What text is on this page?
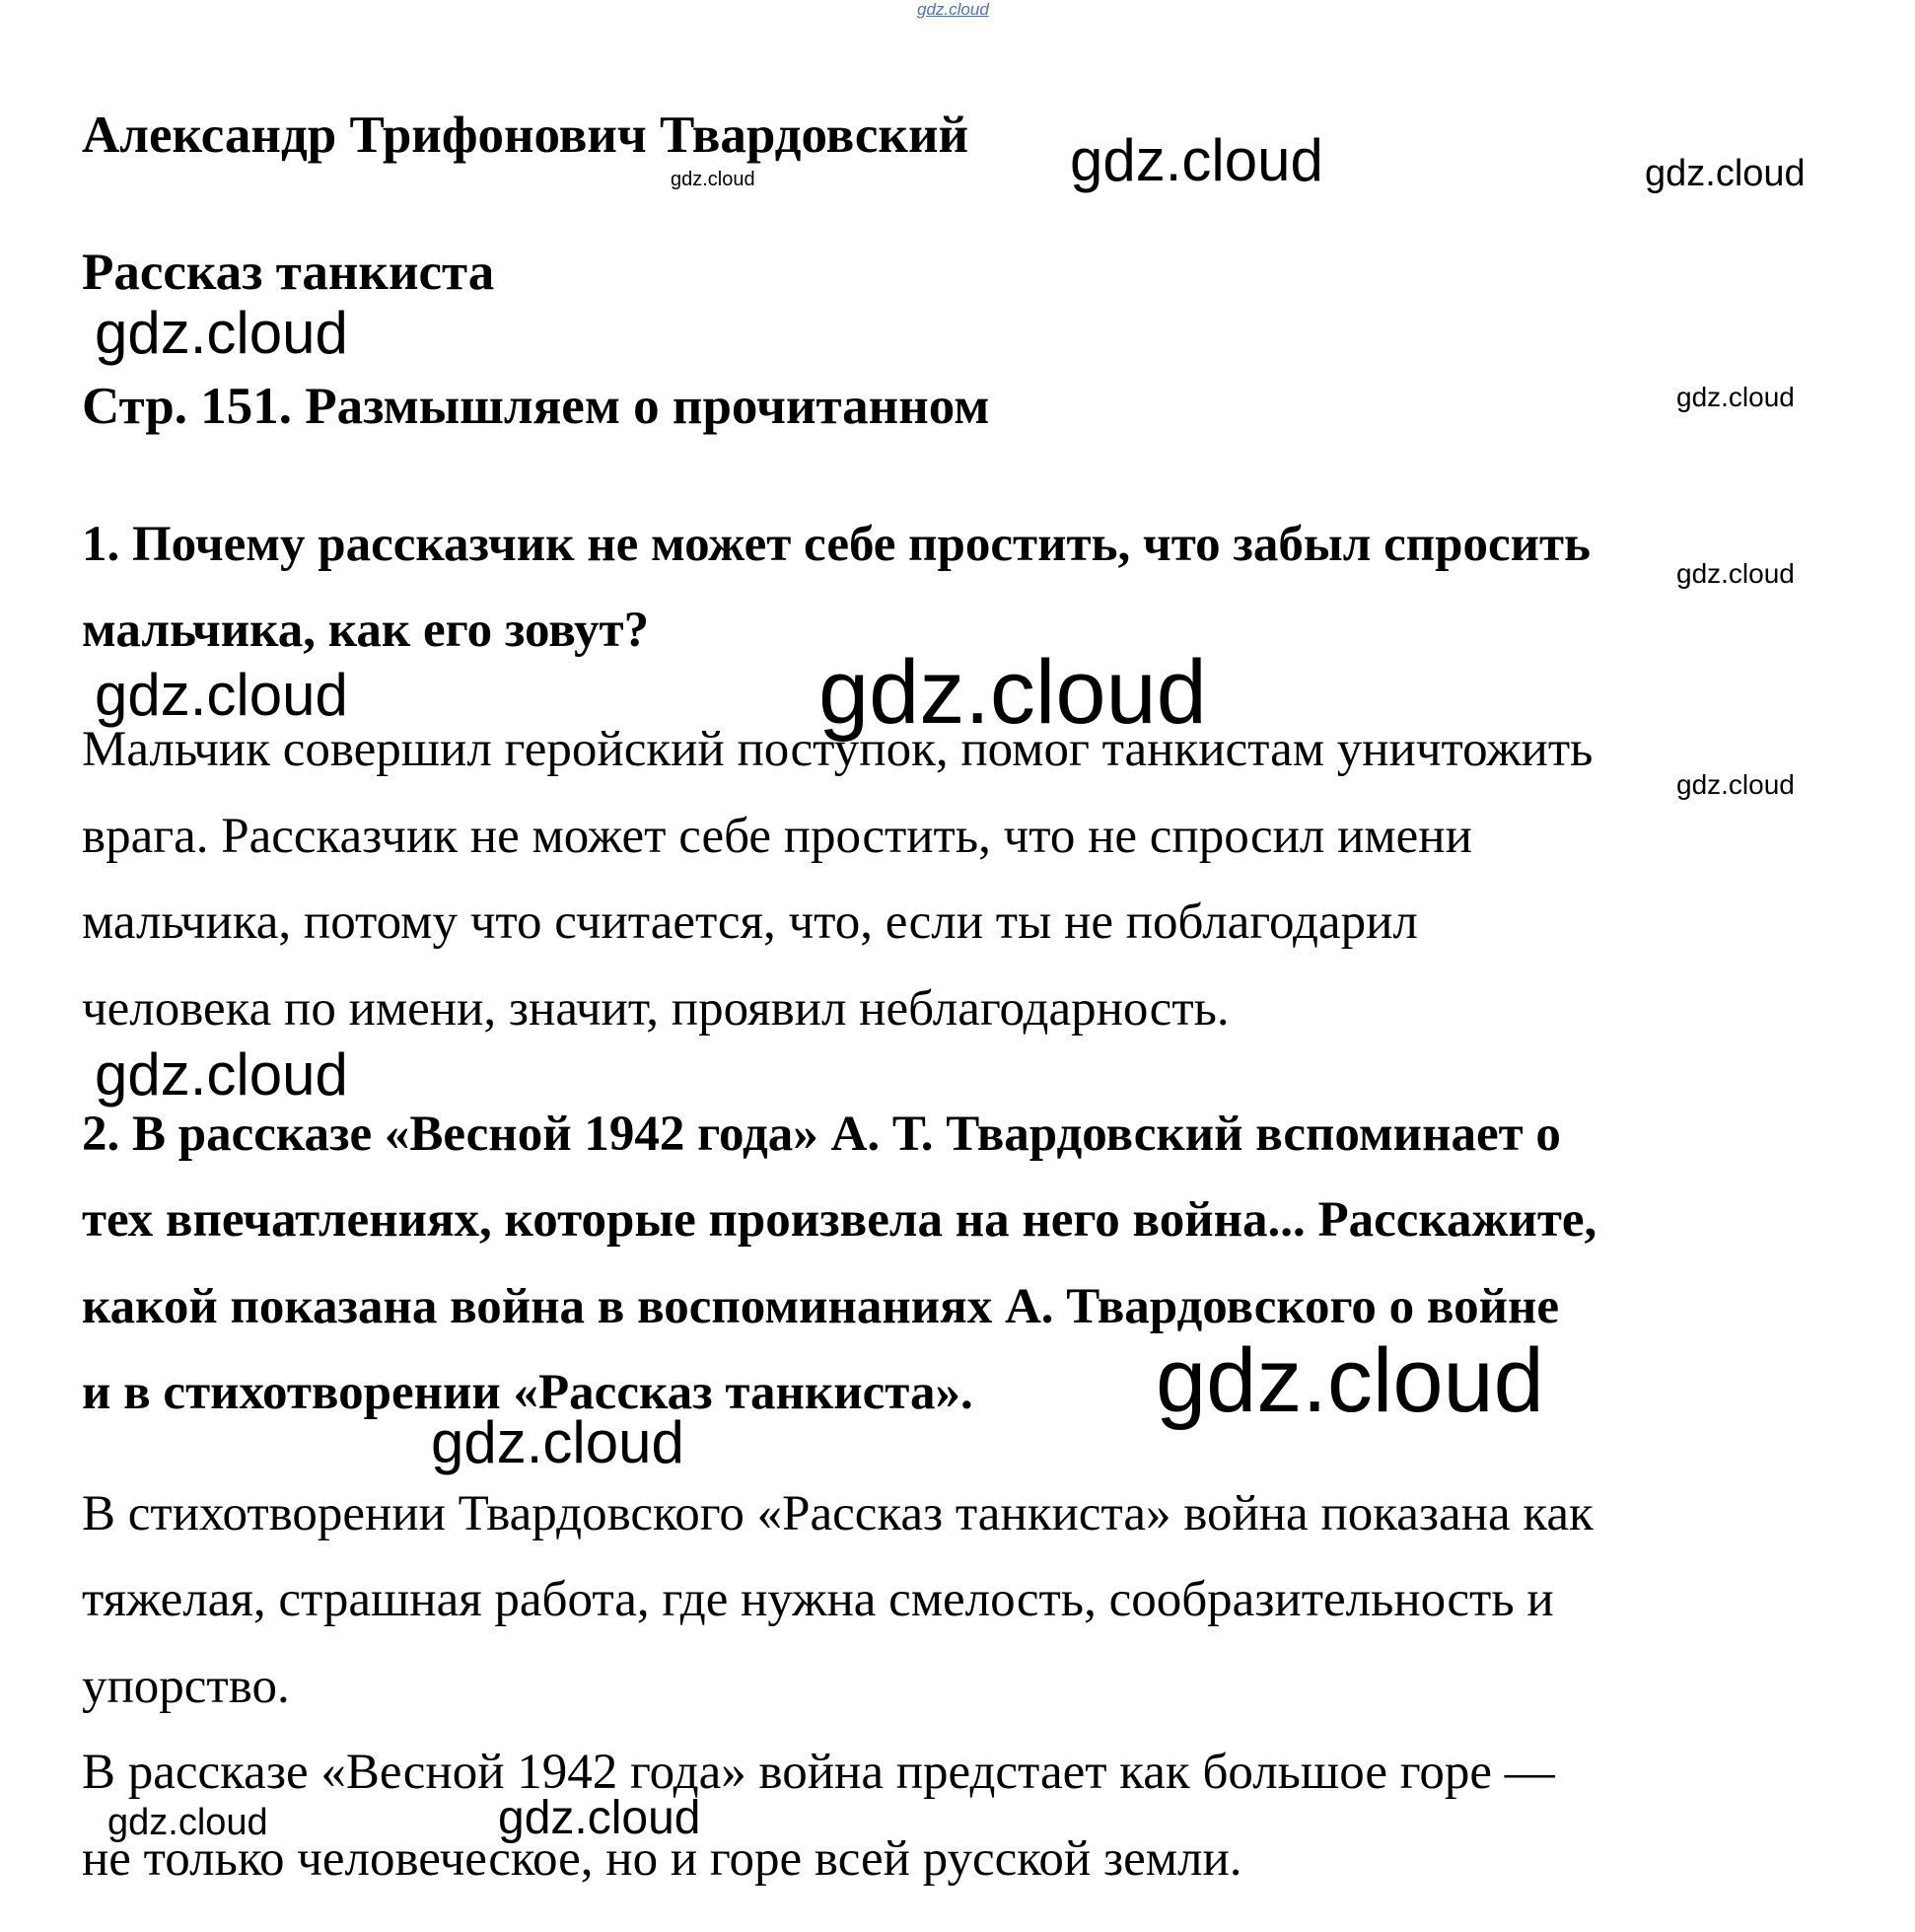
gdz.cloud
Александр Трифонович Твардовский
Рассказ танкиста
Стр. 151. Размышляем о прочитанном
1. Почему рассказчик не может себе простить, что забыл спросить
мальчика, как его зовут?
Мальчик совершил геройский поступок, помог танкистам уничтожить
врага. Рассказчик не может себе простить, что не спросил имени
мальчика, потому что считается, что, если ты не поблагодарил
человека по имени, значит, проявил неблагодарность.
2. В рассказе «Весной 1942 года» А. Т. Твардовский вспоминает о
тех впечатлениях, которые произвела на него война... Расскажите,
какой показана война в воспоминаниях А. Твардовского о войне
и в стихотворении «Рассказ танкиста».
В стихотворении Твардовского «Рассказ танкиста» война показана как
тяжелая, страшная работа, где нужна смелость, сообразительность и
упорство.
В рассказе «Весной 1942 года» война предстает как большое горе —
не только человеческое, но и горе всей русской земли.
gdz.cloud	gdz.cloud	gdz.cloud
gdz.cloud
gdz.cloud
gdz.cloud
gdz.cloud	gdz.cloud
gdz.cloud
gdz.cloud
gdz.cloud
gdz.cloud
gdz.cloud	gdz.cloud
